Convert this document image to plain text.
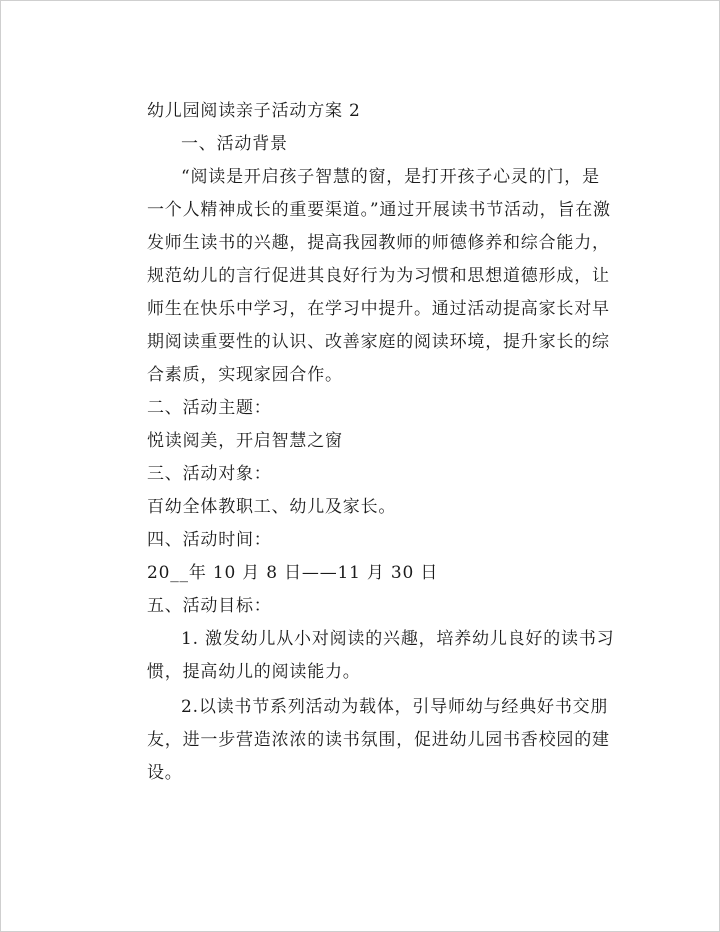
幼儿园阅读亲子活动方案 2

一、活动背景

“阅读是开启孩子智慧的窗，是打开孩子心灵的门，是一个人精神成长的重要渠道。”通过开展读书节活动，旨在激发师生读书的兴趣，提高我园教师的师德修养和综合能力，规范幼儿的言行促进其良好行为为习惯和思想道德形成，让师生在快乐中学习，在学习中提升。通过活动提高家长对早期阅读重要性的认识、改善家庭的阅读环境，提升家长的综合素质，实现家园合作。

二、活动主题：

悦读阅美，开启智慧之窗

三、活动对象：

百幼全体教职工、幼儿及家长。

四、活动时间：

20__年 10 月 8 日——11 月 30 日

五、活动目标：

1. 激发幼儿从小对阅读的兴趣，培养幼儿良好的读书习惯，提高幼儿的阅读能力。

2.以读书节系列活动为载体，引导师幼与经典好书交朋友，进一步营造浓浓的读书氛围，促进幼儿园书香校园的建设。
